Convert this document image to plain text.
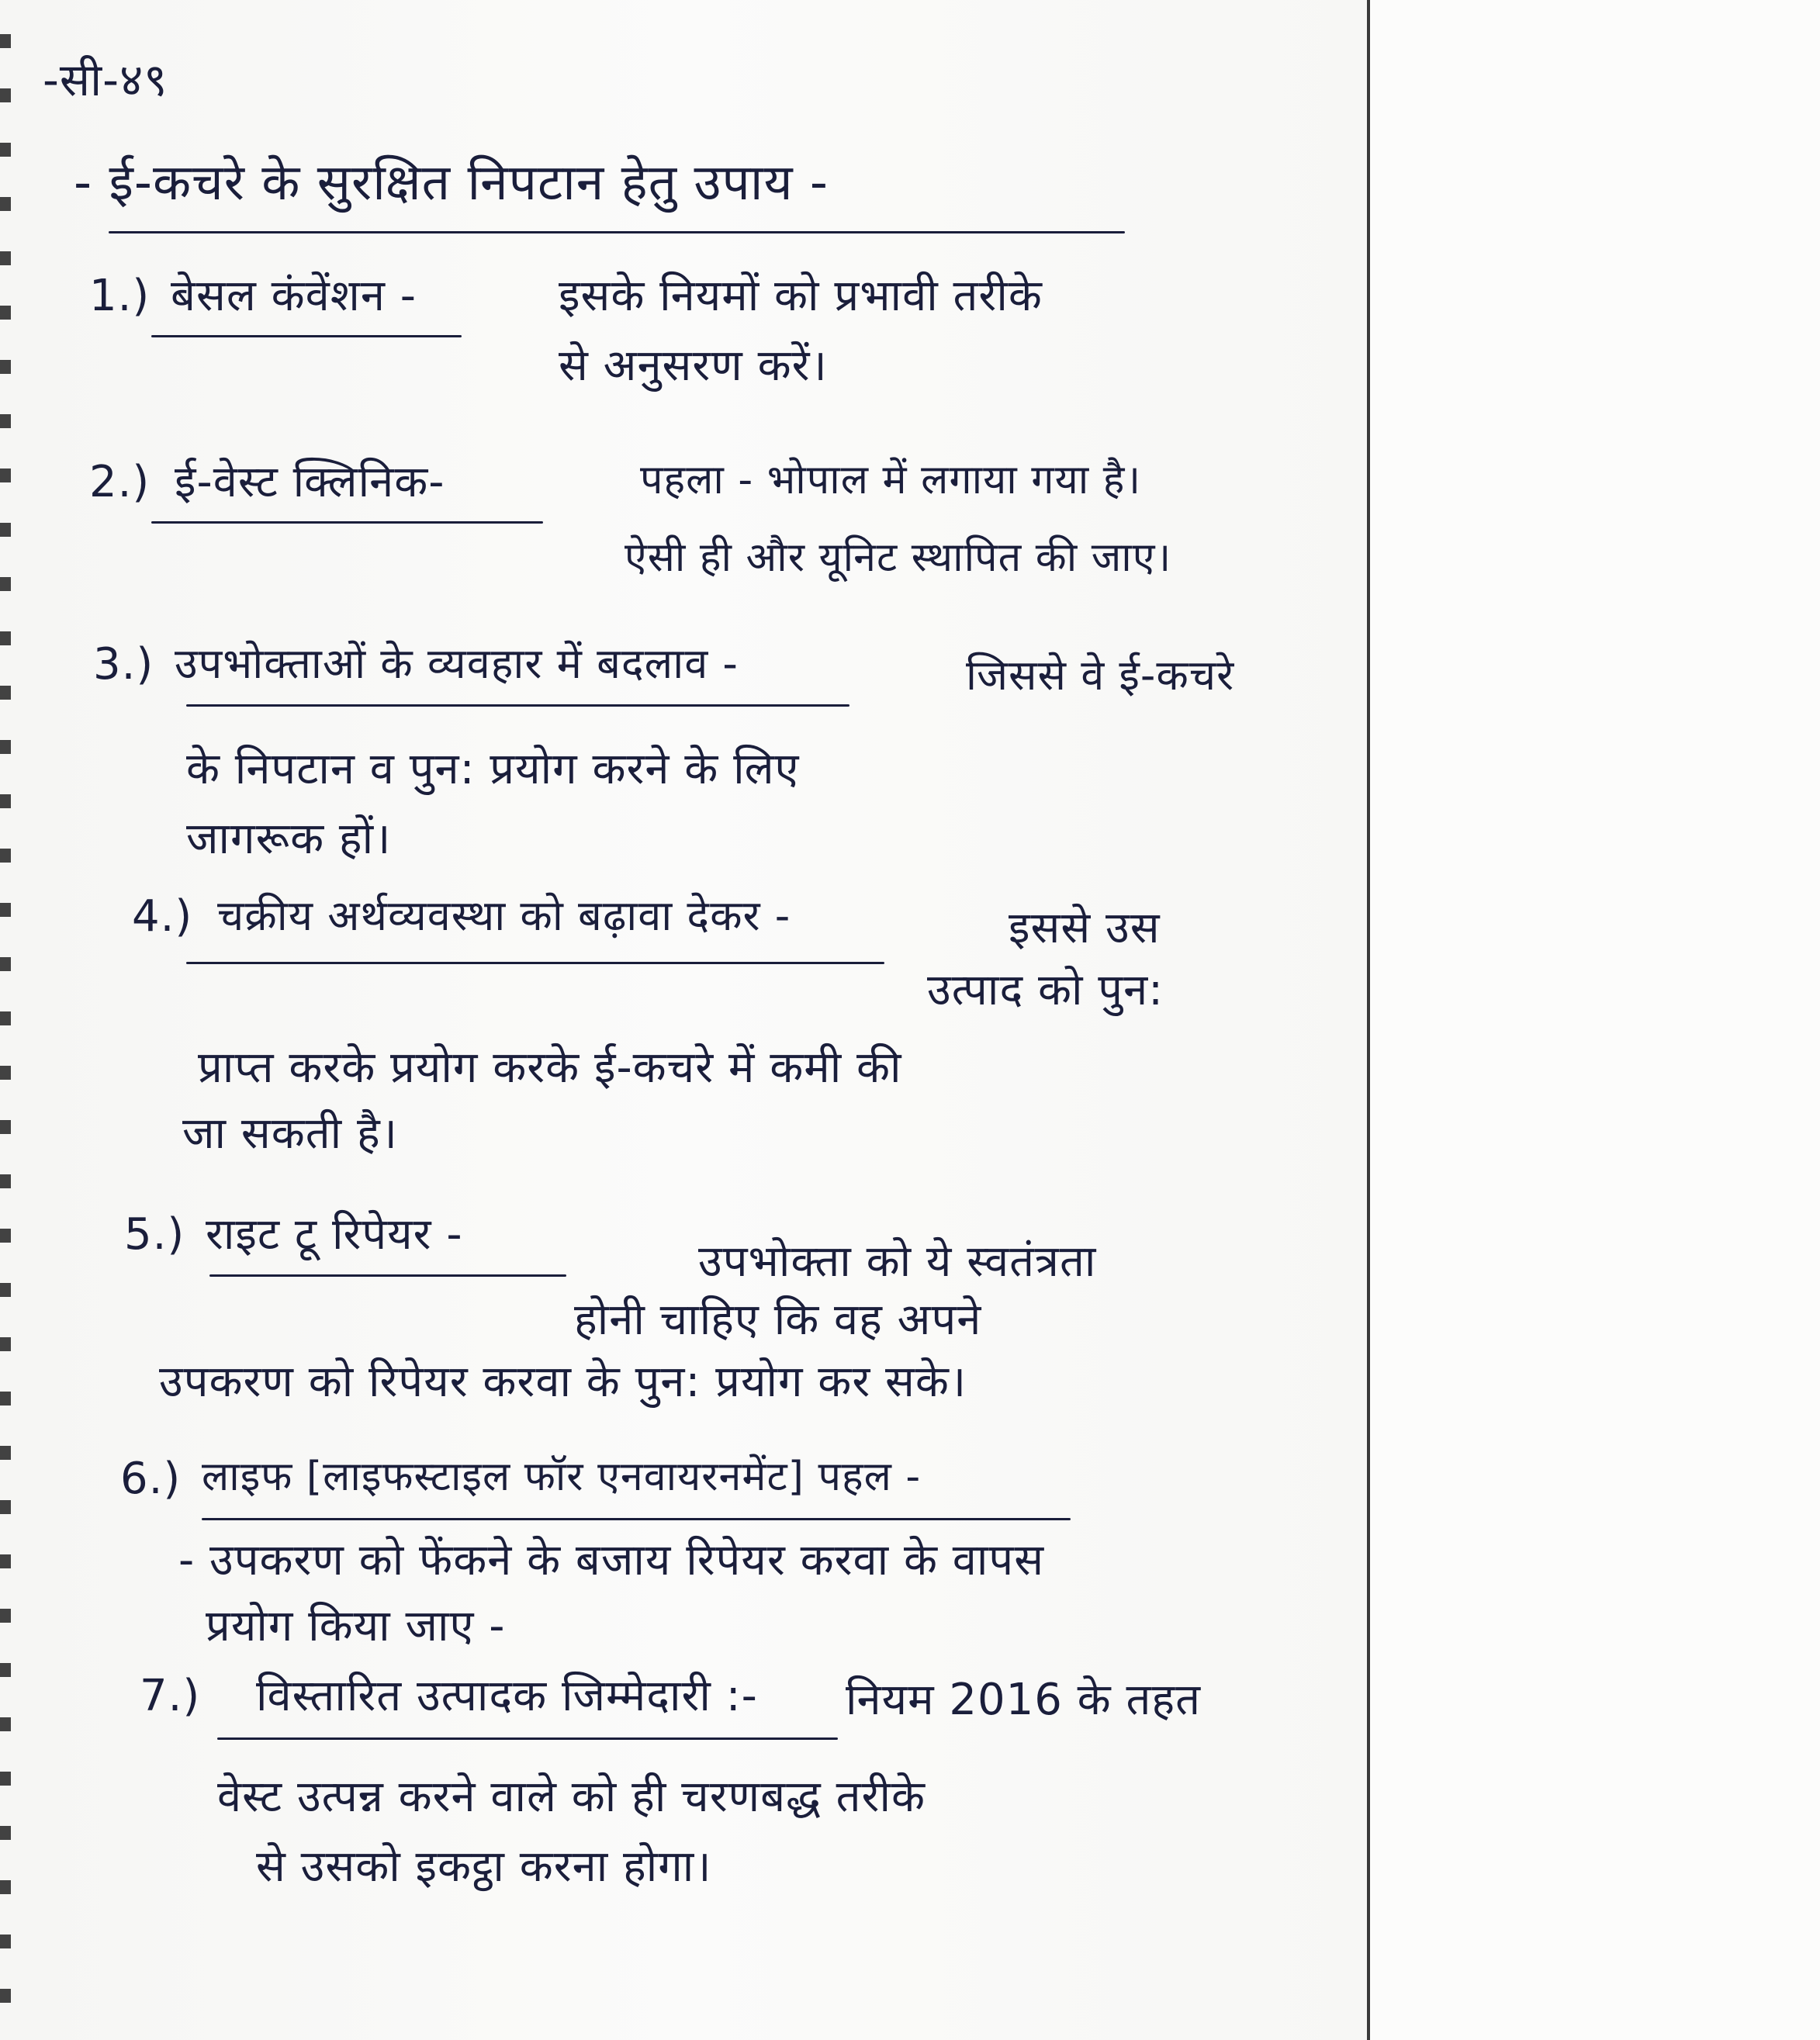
-सी-४९
- ई-कचरे के सुरक्षित निपटान हेतु उपाय -
1.) बेसल कंवेंशन -	इसके नियमों को प्रभावी तरीके
से अनुसरण करें।
2.) ई-वेस्ट क्लिनिक-	पहला - भोपाल में लगाया गया है।
ऐसी ही और यूनिट स्थापित की जाए।
3.) उपभोक्ताओं के व्यवहार में बदलाव -	जिससे वे ई-कचरे
के निपटान व पुन: प्रयोग करने के लिए
जागरूक हों।
4.) चक्रीय अर्थव्यवस्था को बढ़ावा देकर -	इससे उस
उत्पाद को पुन:
प्राप्त करके प्रयोग करके ई-कचरे में कमी की
जा सकती है।
5.) राइट टू रिपेयर -
उपभोक्ता को ये स्वतंत्रता
होनी चाहिए कि वह अपने
उपकरण को रिपेयर करवा के पुन: प्रयोग कर सके।
6.) लाइफ [लाइफस्टाइल फॉर एनवायरनमेंट] पहल -
- उपकरण को फेंकने के बजाय रिपेयर करवा के वापस
प्रयोग किया जाए -
7.) विस्तारित उत्पादक जिम्मेदारी :- नियम 2016 के तहत
वेस्ट उत्पन्न करने वाले को ही चरणबद्ध तरीके
से उसको इकट्ठा करना होगा।
